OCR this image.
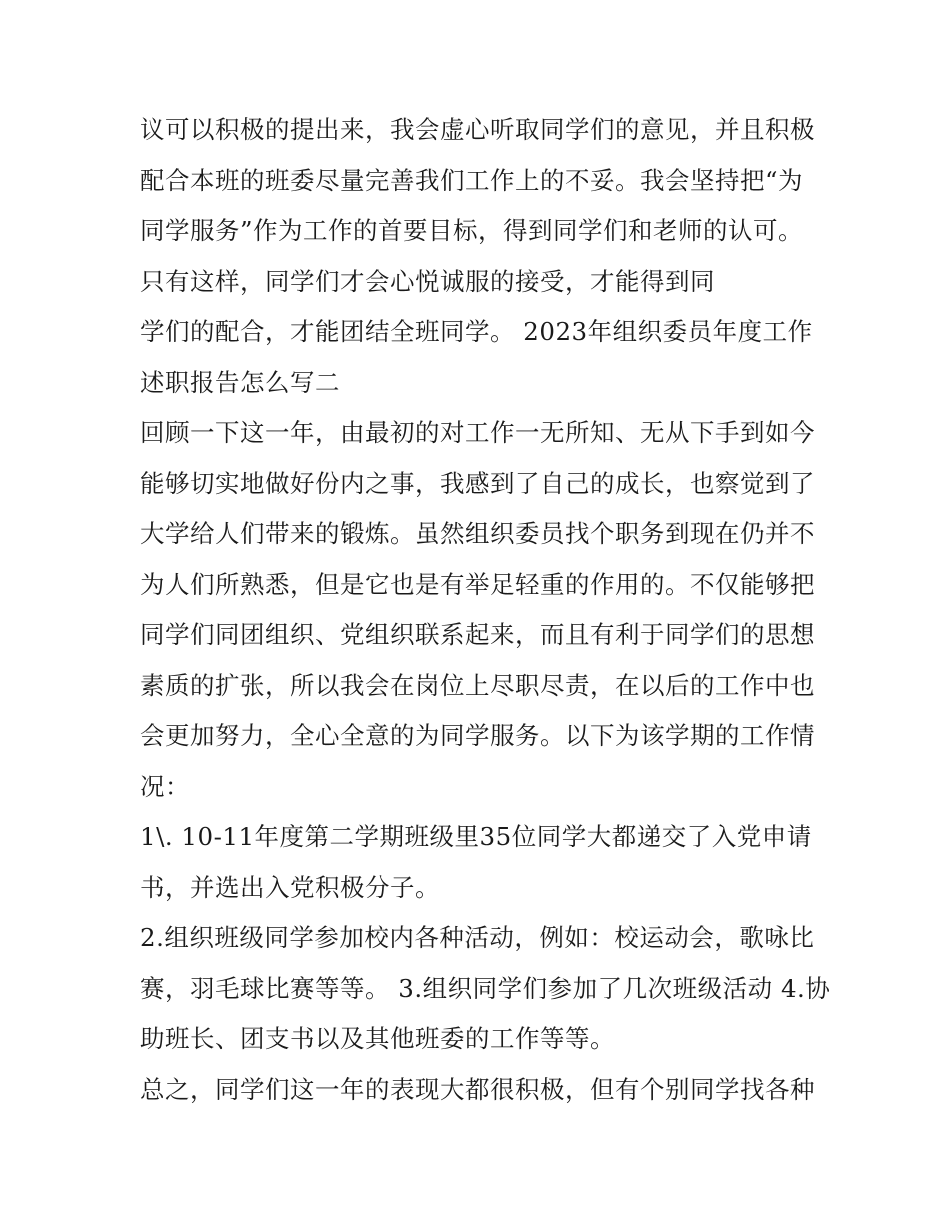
议可以积极的提出来，我会虚心听取同学们的意见，并且积极
配合本班的班委尽量完善我们工作上的不妥。我会坚持把“为
同学服务”作为工作的首要目标，得到同学们和老师的认可。
只有这样，同学们才会心悦诚服的接受，才能得到同
学们的配合，才能团结全班同学。 2023年组织委员年度工作
述职报告怎么写二
回顾一下这一年，由最初的对工作一无所知、无从下手到如今
能够切实地做好份内之事，我感到了自己的成长，也察觉到了
大学给人们带来的锻炼。虽然组织委员找个职务到现在仍并不
为人们所熟悉，但是它也是有举足轻重的作用的。不仅能够把
同学们同团组织、党组织联系起来，而且有利于同学们的思想
素质的扩张，所以我会在岗位上尽职尽责，在以后的工作中也
会更加努力，全心全意的为同学服务。以下为该学期的工作情
况：
1\. 10-11年度第二学期班级里35位同学大都递交了入党申请
书，并选出入党积极分子。
2.组织班级同学参加校内各种活动，例如：校运动会，歌咏比
赛，羽毛球比赛等等。 3.组织同学们参加了几次班级活动 4.协
助班长、团支书以及其他班委的工作等等。
总之，同学们这一年的表现大都很积极，但有个别同学找各种
